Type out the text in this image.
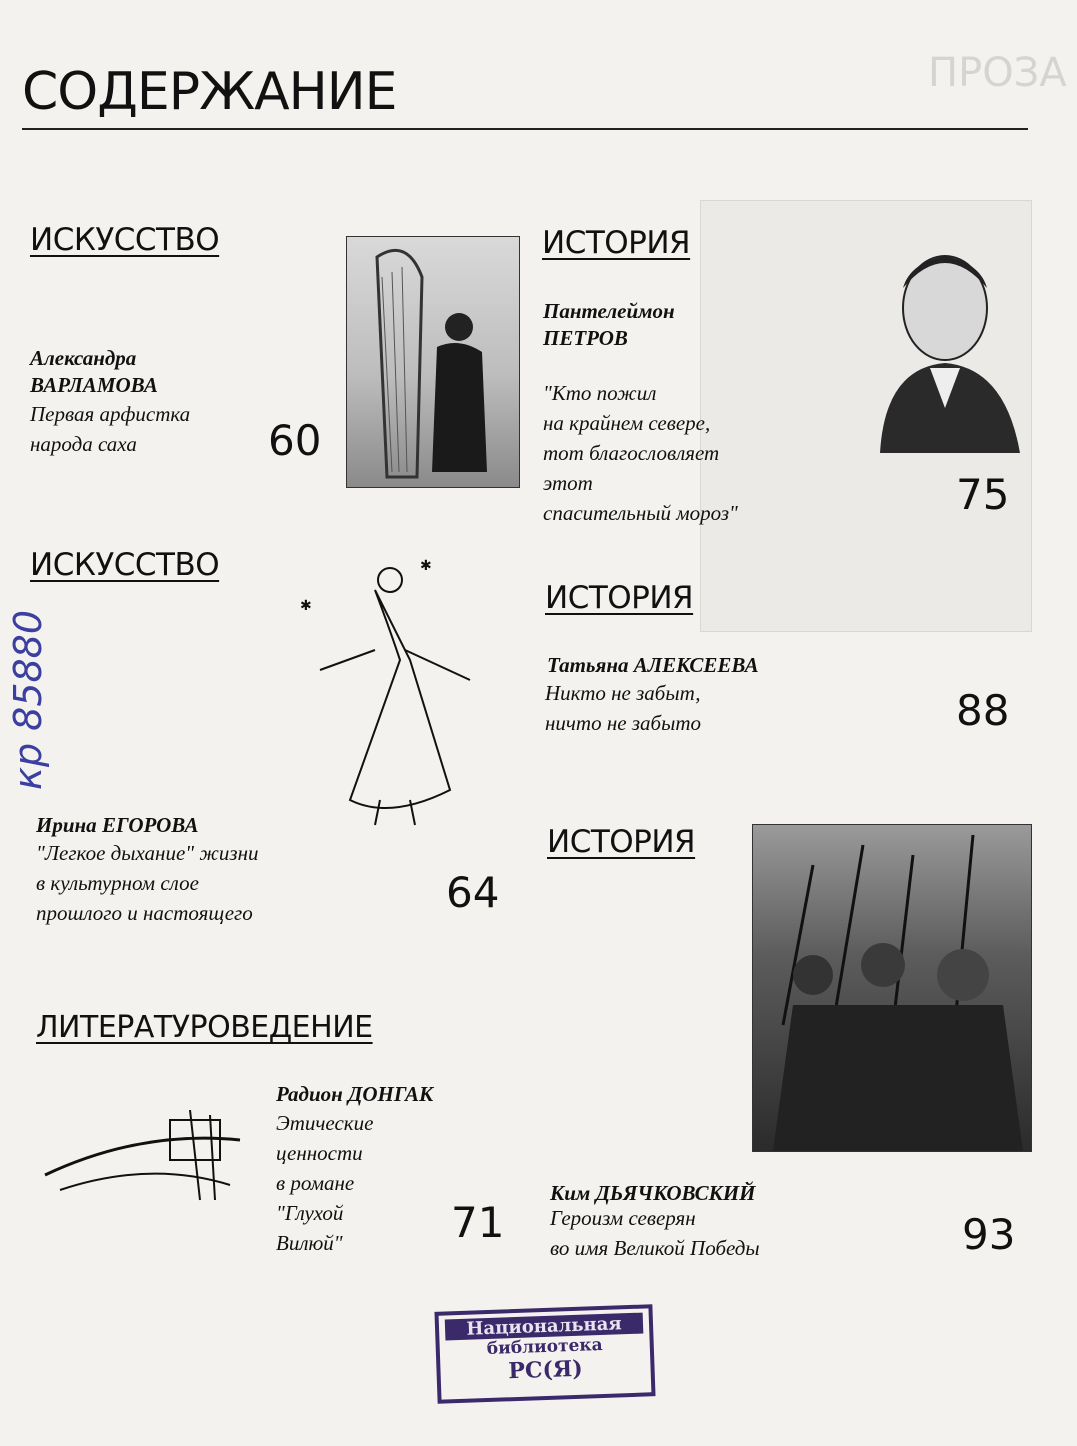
ПРОЗА
СОДЕРЖАНИЕ
ИСКУССТВО
Александра
ВАРЛАМОВА
Первая арфистка
народа саха	60
ИСКУССТВО
✱
✱
Ирина ЕГОРОВА
"Легкое дыхание" жизни
в культурном слое
прошлого и настоящего	64
ЛИТЕРАТУРОВЕДЕНИЕ
Радион ДОНГАК
Этические
ценности
в романе
"Глухой
Вилюй"	71
ИСТОРИЯ
Пантелеймон
ПЕТРОВ
"Кто пожил
на крайнем севере,
тот благословляет
этот
спасительный мороз"	75
ИСТОРИЯ
Татьяна АЛЕКСЕЕВА
Никто не забыт,
ничто не забыто	88
ИСТОРИЯ
Ким ДЬЯЧКОВСКИЙ
Героизм северян
во имя Великой Победы	93
Национальная
библиотека
РС(Я)
кр 85880
